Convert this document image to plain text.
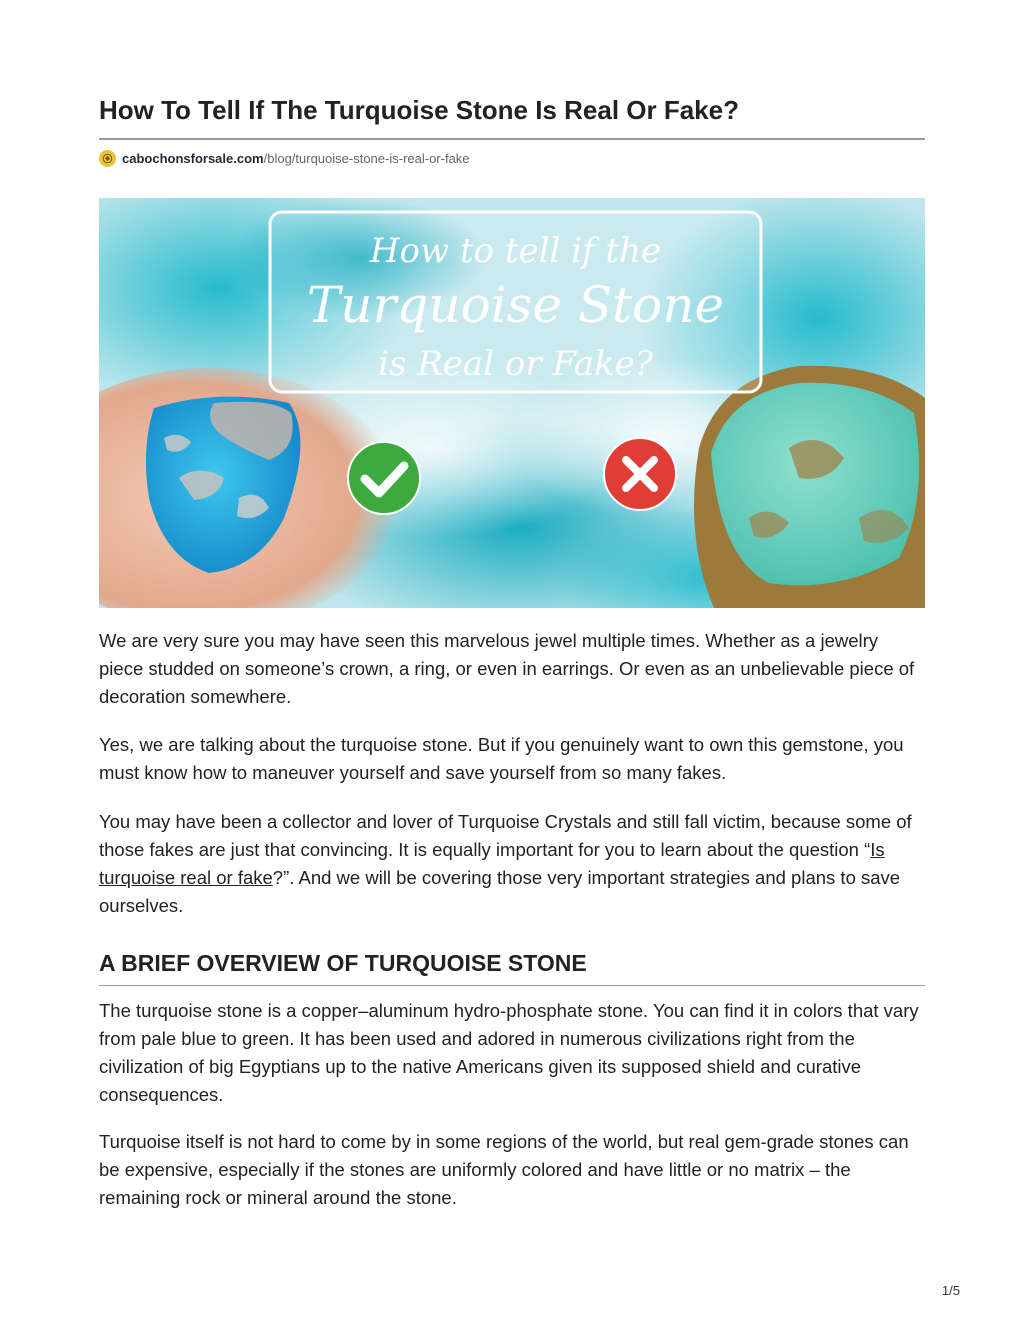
How To Tell If The Turquoise Stone Is Real Or Fake?
cabochonsforsale.com/blog/turquoise-stone-is-real-or-fake
How to tell if the
Turquoise Stone
is Real or Fake?

We are very sure you may have seen this marvelous jewel multiple times. Whether as a jewelry piece studded on someone’s crown, a ring, or even in earrings. Or even as an unbelievable piece of decoration somewhere.

Yes, we are talking about the turquoise stone. But if you genuinely want to own this gemstone, you must know how to maneuver yourself and save yourself from so many fakes.

You may have been a collector and lover of Turquoise Crystals and still fall victim, because some of those fakes are just that convincing. It is equally important for you to learn about the question “Is turquoise real or fake?”. And we will be covering those very important strategies and plans to save ourselves.

A BRIEF OVERVIEW OF TURQUOISE STONE

The turquoise stone is a copper–aluminum hydro-phosphate stone. You can find it in colors that vary from pale blue to green. It has been used and adored in numerous civilizations right from the civilization of big Egyptians up to the native Americans given its supposed shield and curative consequences.

Turquoise itself is not hard to come by in some regions of the world, but real gem-grade stones can be expensive, especially if the stones are uniformly colored and have little or no matrix – the remaining rock or mineral around the stone.

1/5
